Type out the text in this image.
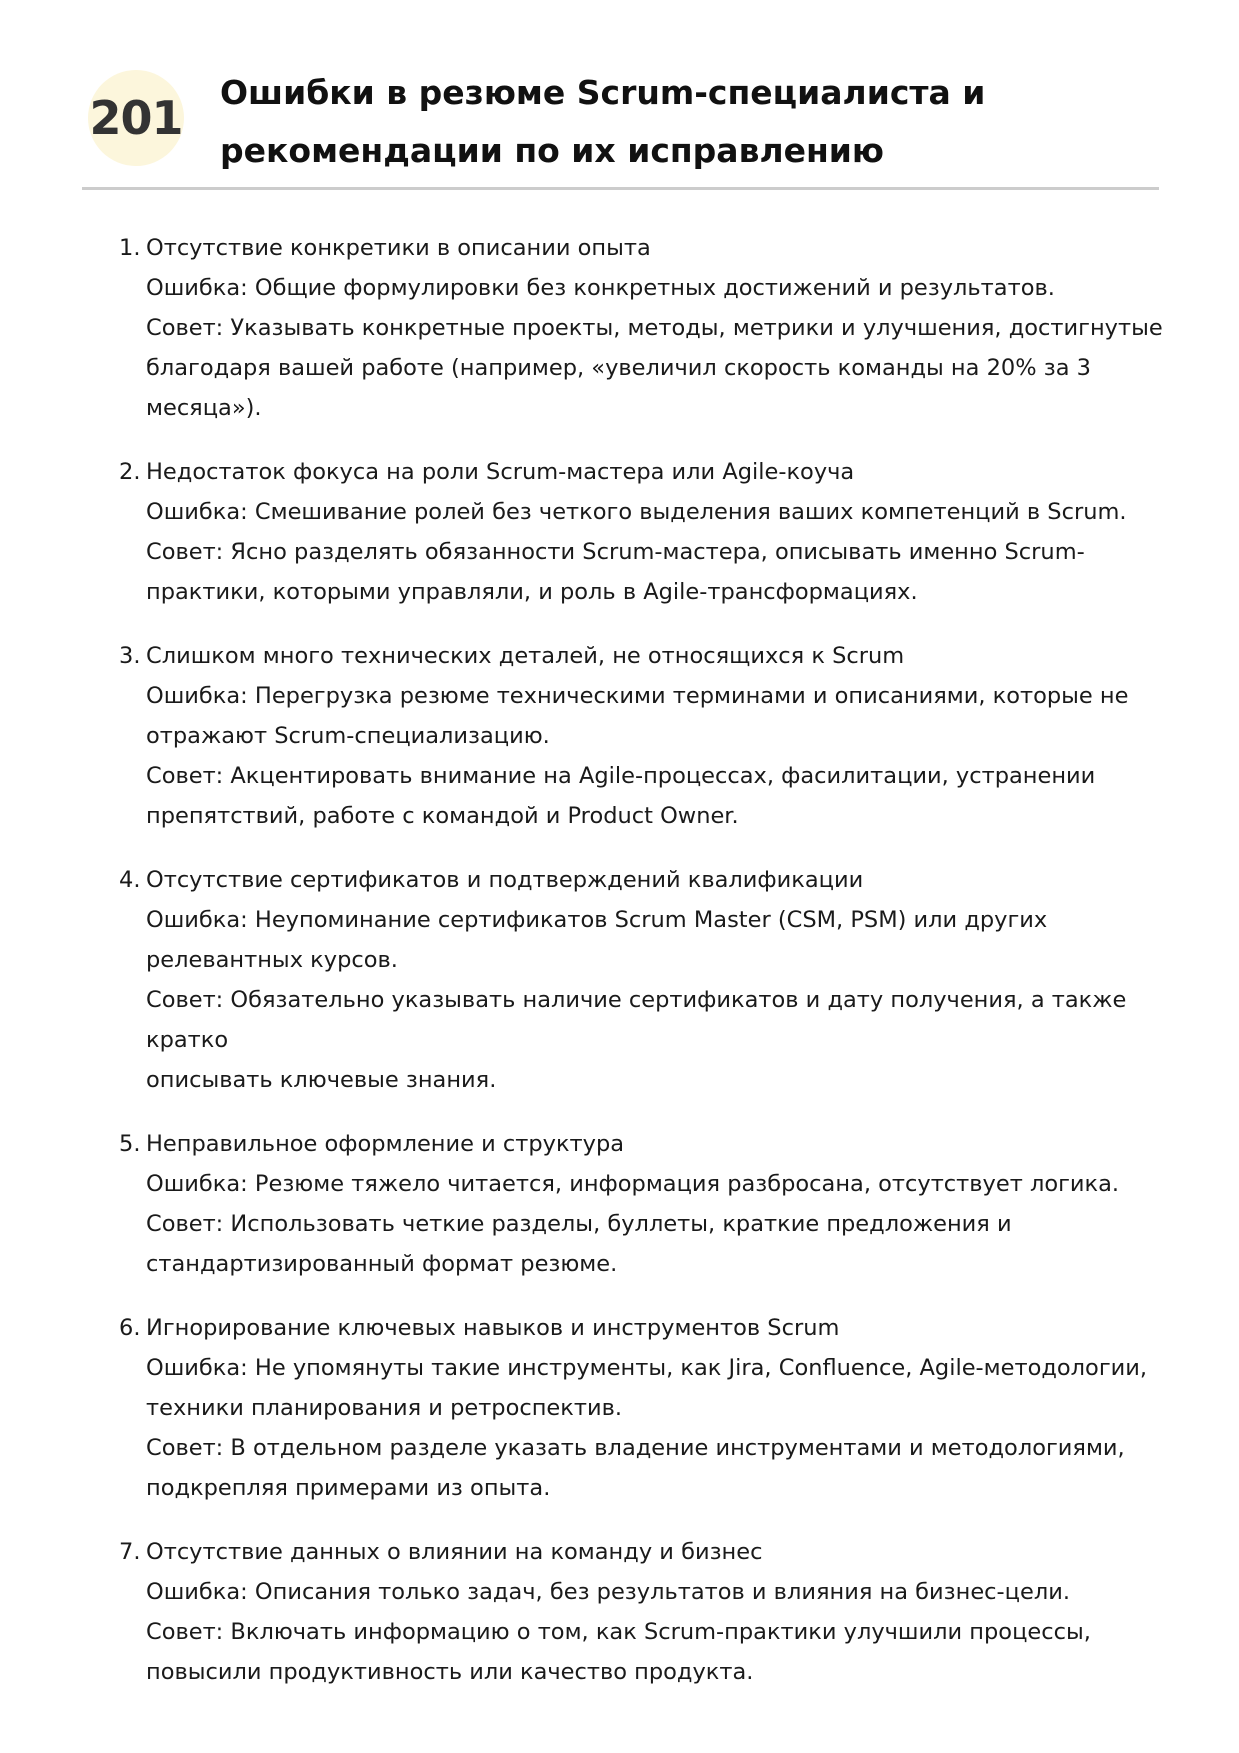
201 Ошибки в резюме Scrum-специалиста и рекомендации по их исправлению
1. Отсутствие конкретики в описании опыта
Ошибка: Общие формулировки без конкретных достижений и результатов.
Совет: Указывать конкретные проекты, методы, метрики и улучшения, достигнутые
благодаря вашей работе (например, «увеличил скорость команды на 20% за 3
месяца»).
2. Недостаток фокуса на роли Scrum-мастера или Agile-коуча
Ошибка: Смешивание ролей без четкого выделения ваших компетенций в Scrum.
Совет: Ясно разделять обязанности Scrum-мастера, описывать именно Scrum-
практики, которыми управляли, и роль в Agile-трансформациях.
3. Слишком много технических деталей, не относящихся к Scrum
Ошибка: Перегрузка резюме техническими терминами и описаниями, которые не
отражают Scrum-специализацию.
Совет: Акцентировать внимание на Agile-процессах, фасилитации, устранении
препятствий, работе с командой и Product Owner.
4. Отсутствие сертификатов и подтверждений квалификации
Ошибка: Неупоминание сертификатов Scrum Master (CSM, PSM) или других
релевантных курсов.
Совет: Обязательно указывать наличие сертификатов и дату получения, а также кратко
описывать ключевые знания.
5. Неправильное оформление и структура
Ошибка: Резюме тяжело читается, информация разбросана, отсутствует логика.
Совет: Использовать четкие разделы, буллеты, краткие предложения и
стандартизированный формат резюме.
6. Игнорирование ключевых навыков и инструментов Scrum
Ошибка: Не упомянуты такие инструменты, как Jira, Confluence, Agile-методологии,
техники планирования и ретроспектив.
Совет: В отдельном разделе указать владение инструментами и методологиями,
подкрепляя примерами из опыта.
7. Отсутствие данных о влиянии на команду и бизнес
Ошибка: Описания только задач, без результатов и влияния на бизнес-цели.
Совет: Включать информацию о том, как Scrum-практики улучшили процессы,
повысили продуктивность или качество продукта.
